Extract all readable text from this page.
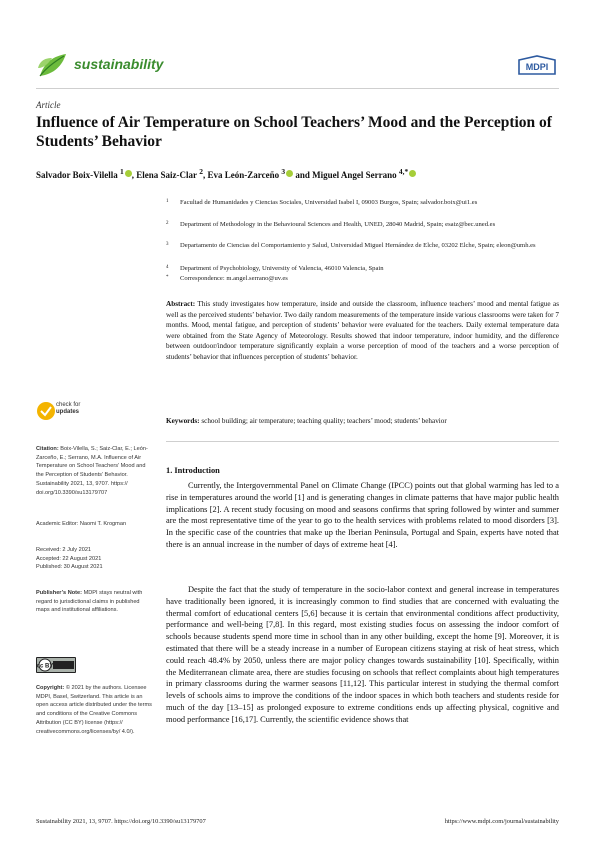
sustainability	MDPI
Article
Influence of Air Temperature on School Teachers’ Mood and the Perception of Students’ Behavior
Salvador Boix-Vilella $^1$ , Elena Saiz-Clar $^2$, Eva León-Zarceño $^3$ and Miguel Angel Serrano $^{4,*}$
1	Facultad de Humanidades y Ciencias Sociales, Universidad Isabel I, 09003 Burgos, Spain; salvador.boix@ui1.es
2	Department of Methodology in the Behavioural Sciences and Health, UNED, 28040 Madrid, Spain; esaiz@bec.uned.es
3	Departamento de Ciencias del Comportamiento y Salud, Universidad Miguel Hernández de Elche, 03202 Elche, Spain; eleon@umh.es
4	Department of Psychobiology, University of Valencia, 46010 Valencia, Spain
*	Correspondence: m.angel.serrano@uv.es
Abstract: This study investigates how temperature, inside and outside the classroom, influence teachers’ mood and mental fatigue as well as the perceived students’ behavior. Two daily random measurements of the temperature inside various classrooms were taken for 7 months. Mood, mental fatigue, and perception of students’ behavior were evaluated for the teachers. Daily external temperature data were obtained from the State Agency of Meteorology. Results showed that indoor temperature, indoor humidity, and the difference between outdoor/indoor temperature significantly explain a worse perception of mood of the teachers and a worse perception of students’ behavior that influences perception of students’ behavior.
Keywords: school building; air temperature; teaching quality; teachers’ mood; students’ behavior
check for
updates
Citation: Boix-Vilella, S.; Saiz-Clar, E.; León-Zarceño, E.; Serrano, M.A. Influence of Air Temperature on School Teachers’ Mood and the Perception of Students’ Behavior. Sustainability 2021, 13, 9707. https:// doi.org/10.3390/su13179707
Academic Editor: Naomi T. Krogman
Received: 2 July 2021
Accepted: 22 August 2021
Published: 30 August 2021
Publisher’s Note: MDPI stays neutral with regard to jurisdictional claims in published maps and institutional affiliations.
cc BY
Copyright: © 2021 by the authors. Licensee MDPI, Basel, Switzerland. This article is an open access article distributed under the terms and conditions of the Creative Commons Attribution (CC BY) license (https:// creativecommons.org/licenses/by/ 4.0/).
1. Introduction
Currently, the Intergovernmental Panel on Climate Change (IPCC) points out that global warming has led to a rise in temperatures around the world [1] and is generating changes in climate patterns that have major public health implications [2]. A recent study focusing on mood and seasons confirms that spring followed by winter and summer are the most representative time of the year to go to the health services with problems related to mood disorders [3]. In the specific case of the countries that make up the Iberian Peninsula, Portugal and Spain, experts have noted that there is an annual increase in the number of days of extreme heat [4].
Despite the fact that the study of temperature in the socio-labor context and general increase in temperatures have traditionally been ignored, it is increasingly common to find studies that are concerned with evaluating the thermal comfort of educational centers [5,6] because it is certain that environmental conditions affect productivity, performance and well-being [7,8]. In this regard, most existing studies focus on assessing the indoor comfort of schools because students spend more time in school than in any other building, except the home [9]. Moreover, it is estimated that there will be a steady increase in a number of European citizens staying at risk of heat stress, which could reach 48.4% by 2050, unless there are major policy changes towards sustainability [10]. Specifically, within the Mediterranean climate area, there are studies focusing on schools that reflect complaints about high temperatures in primary classrooms during the warmer seasons [11,12]. This particular interest in studying the thermal comfort levels of schools aims to improve the conditions of the indoor spaces in which both teachers and students reside for much of the day [13–15] as prolonged exposure to extreme conditions ends up affecting physical, cognitive and mood performance [16,17]. Currently, the scientific evidence shows that
Sustainability 2021, 13, 9707. https://doi.org/10.3390/su13179707	https://www.mdpi.com/journal/sustainability
